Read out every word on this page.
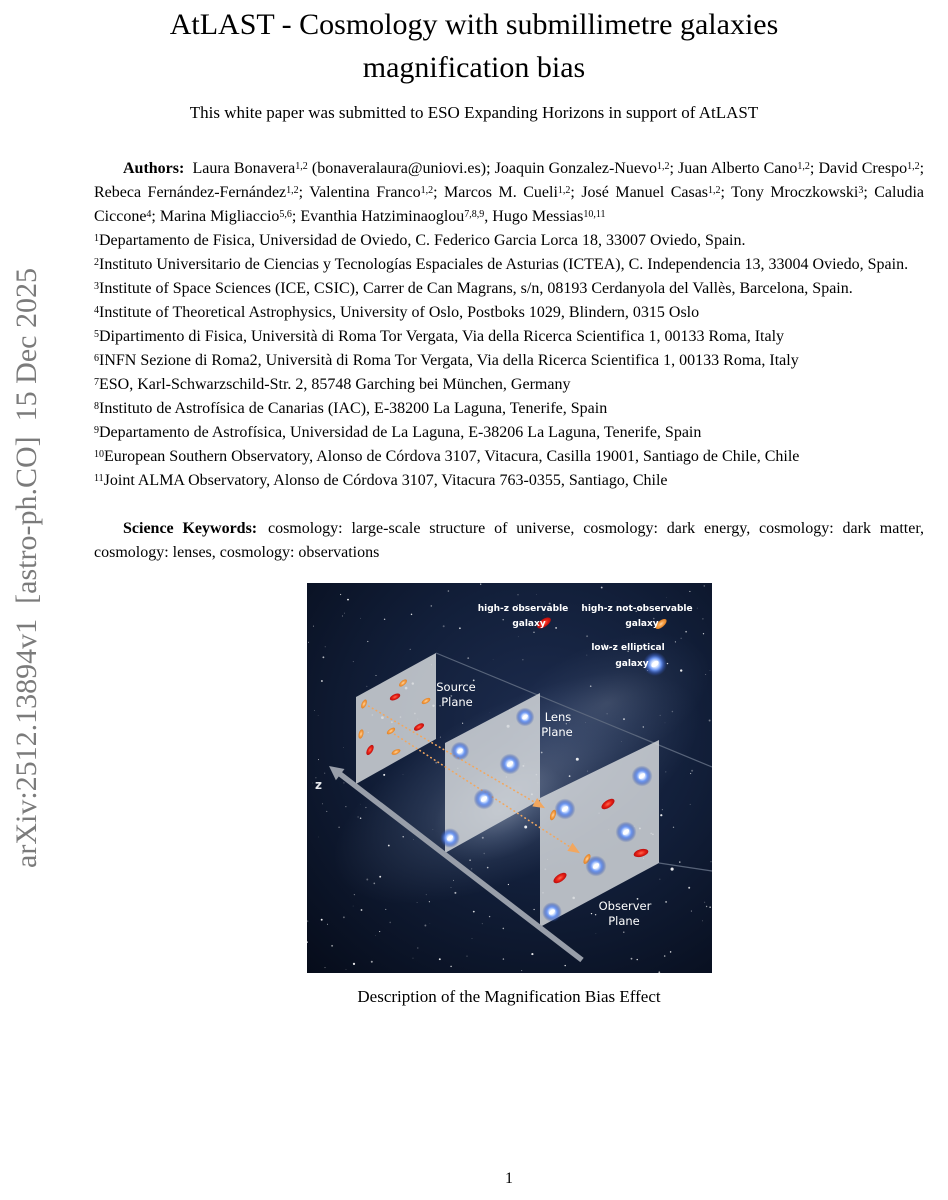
arXiv:2512.13894v1  [astro-ph.CO]  15 Dec 2025
AtLAST - Cosmology with submillimetre galaxies
magnification bias
This white paper was submitted to ESO Expanding Horizons in support of AtLAST

Authors: Laura Bonavera$^{1,2}$ (bonaveralaura@uniovi.es); Joaquin Gonzalez-Nuevo$^{1,2}$; Juan Alberto Cano$^{1,2}$; David Crespo$^{1,2}$; Rebeca Fernández-Fernández$^{1,2}$; Valentina Franco$^{1,2}$; Marcos M. Cueli$^{1,2}$; José Manuel Casas$^{1,2}$; Tony Mroczkowski$^3$; Caludia Ciccone$^4$; Marina Migliaccio$^{5,6}$; Evanthia Hatziminaoglou$^{7,8,9}$, Hugo Messias$^{10,11}$

$^1$Departamento de Fisica, Universidad de Oviedo, C. Federico Garcia Lorca 18, 33007 Oviedo, Spain.
$^2$Instituto Universitario de Ciencias y Tecnologías Espaciales de Asturias (ICTEA), C. Independencia 13, 33004 Oviedo, Spain.
$^3$Institute of Space Sciences (ICE, CSIC), Carrer de Can Magrans, s/n, 08193 Cerdanyola del Vallès, Barcelona, Spain.
$^4$Institute of Theoretical Astrophysics, University of Oslo, Postboks 1029, Blindern, 0315 Oslo
$^5$Dipartimento di Fisica, Università di Roma Tor Vergata, Via della Ricerca Scientifica 1, 00133 Roma, Italy
$^6$INFN Sezione di Roma2, Università di Roma Tor Vergata, Via della Ricerca Scientifica 1, 00133 Roma, Italy
$^7$ESO, Karl-Schwarzschild-Str. 2, 85748 Garching bei München, Germany
$^8$Instituto de Astrofísica de Canarias (IAC), E-38200 La Laguna, Tenerife, Spain
$^9$Departamento de Astrofísica, Universidad de La Laguna, E-38206 La Laguna, Tenerife, Spain
$^{10}$European Southern Observatory, Alonso de Córdova 3107, Vitacura, Casilla 19001, Santiago de Chile, Chile
$^{11}$Joint ALMA Observatory, Alonso de Córdova 3107, Vitacura 763-0355, Santiago, Chile

Science Keywords: cosmology: large-scale structure of universe, cosmology: dark energy, cosmology: dark matter, cosmology: lenses, cosmology: observations

high-z observable
galaxy
high-z not-observable
galaxy
low-z elliptical
galaxy
Source
Plane
Lens
Plane
Observer
Plane
z
Description of the Magnification Bias Effect
1
